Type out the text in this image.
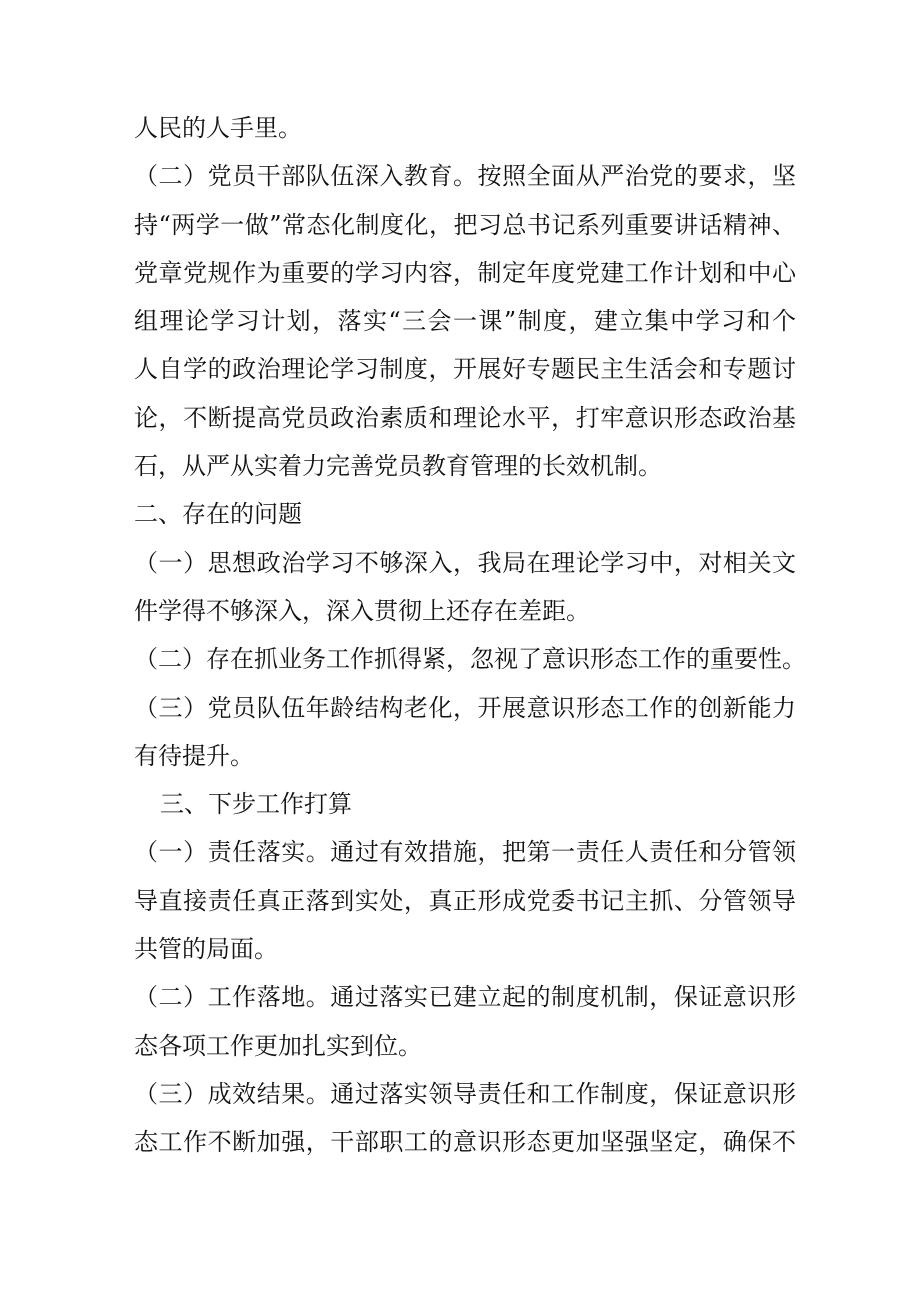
人民的人手里。
（二）党员干部队伍深入教育。按照全面从严治党的要求，坚
持“两学一做”常态化制度化，把习总书记系列重要讲话精神、
党章党规作为重要的学习内容，制定年度党建工作计划和中心
组理论学习计划，落实“三会一课”制度，建立集中学习和个
人自学的政治理论学习制度，开展好专题民主生活会和专题讨
论，不断提高党员政治素质和理论水平，打牢意识形态政治基
石，从严从实着力完善党员教育管理的长效机制。
二、存在的问题
（一）思想政治学习不够深入，我局在理论学习中，对相关文
件学得不够深入，深入贯彻上还存在差距。
（二）存在抓业务工作抓得紧，忽视了意识形态工作的重要性。
（三）党员队伍年龄结构老化，开展意识形态工作的创新能力
有待提升。
三、下步工作打算
（一）责任落实。通过有效措施，把第一责任人责任和分管领
导直接责任真正落到实处，真正形成党委书记主抓、分管领导
共管的局面。
（二）工作落地。通过落实已建立起的制度机制，保证意识形
态各项工作更加扎实到位。
（三）成效结果。通过落实领导责任和工作制度，保证意识形
态工作不断加强，干部职工的意识形态更加坚强坚定，确保不
